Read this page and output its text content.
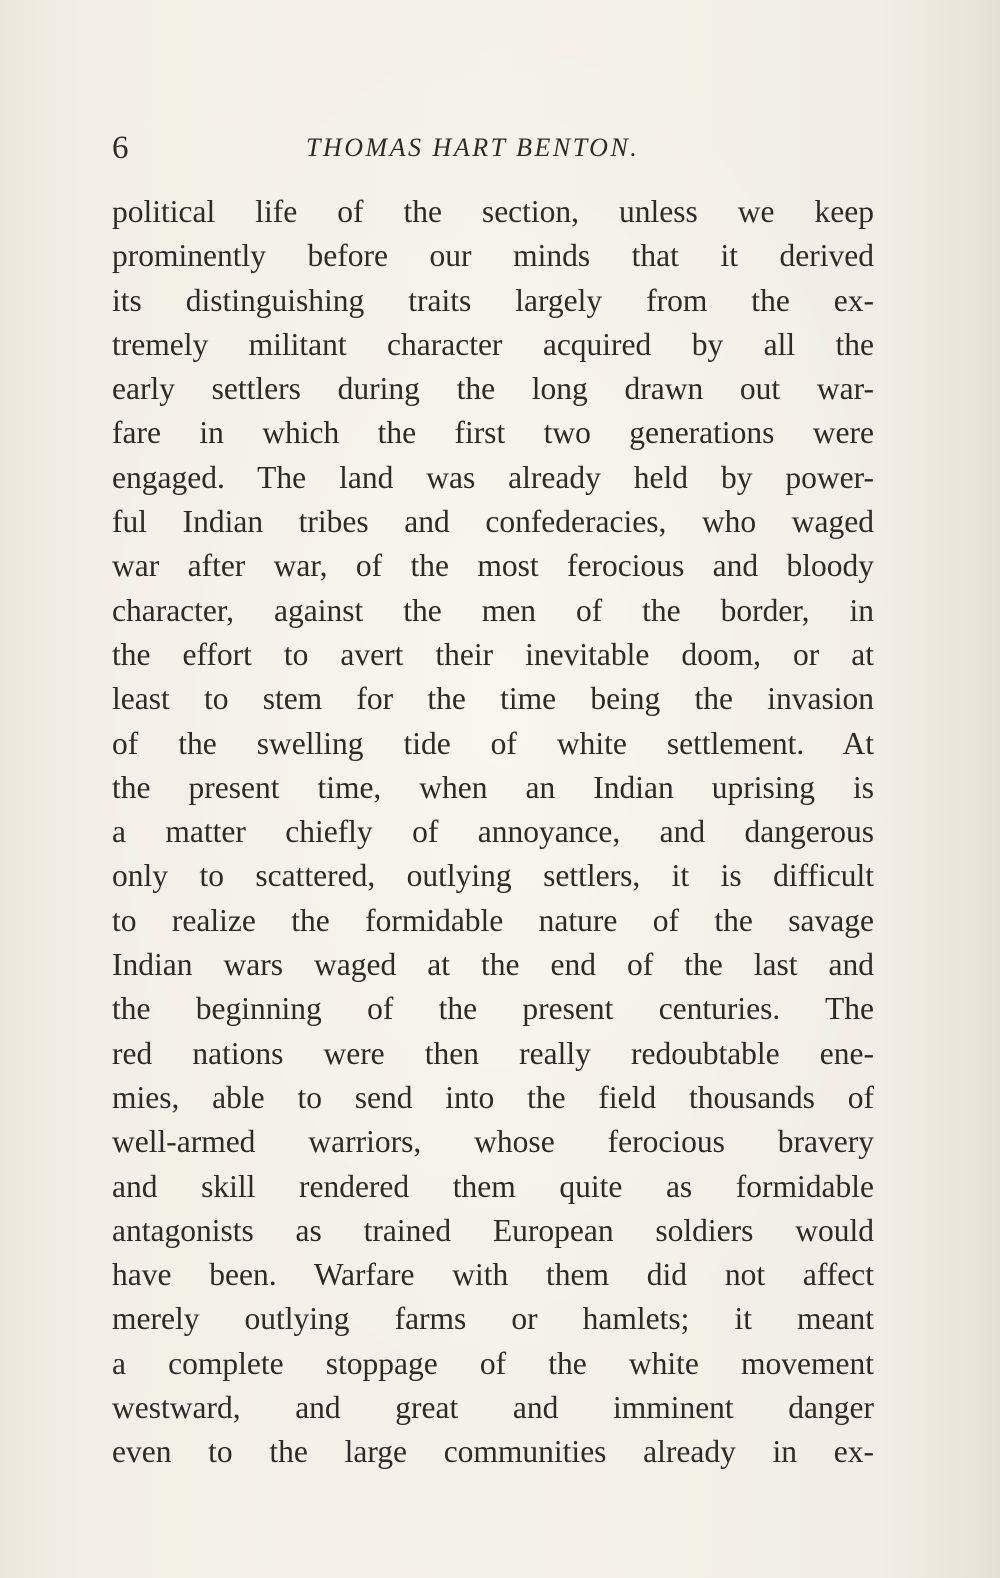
6	THOMAS HART BENTON.
political life of the section, unless we keep
prominently before our minds that it derived
its distinguishing traits largely from the ex-
tremely militant character acquired by all the
early settlers during the long drawn out war-
fare in which the first two generations were
engaged. The land was already held by power-
ful Indian tribes and confederacies, who waged
war after war, of the most ferocious and bloody
character, against the men of the border, in
the effort to avert their inevitable doom, or at
least to stem for the time being the invasion
of the swelling tide of white settlement. At
the present time, when an Indian uprising is
a matter chiefly of annoyance, and dangerous
only to scattered, outlying settlers, it is difficult
to realize the formidable nature of the savage
Indian wars waged at the end of the last and
the beginning of the present centuries. The
red nations were then really redoubtable ene-
mies, able to send into the field thousands of
well-armed warriors, whose ferocious bravery
and skill rendered them quite as formidable
antagonists as trained European soldiers would
have been. Warfare with them did not affect
merely outlying farms or hamlets; it meant
a complete stoppage of the white movement
westward, and great and imminent danger
even to the large communities already in ex-
